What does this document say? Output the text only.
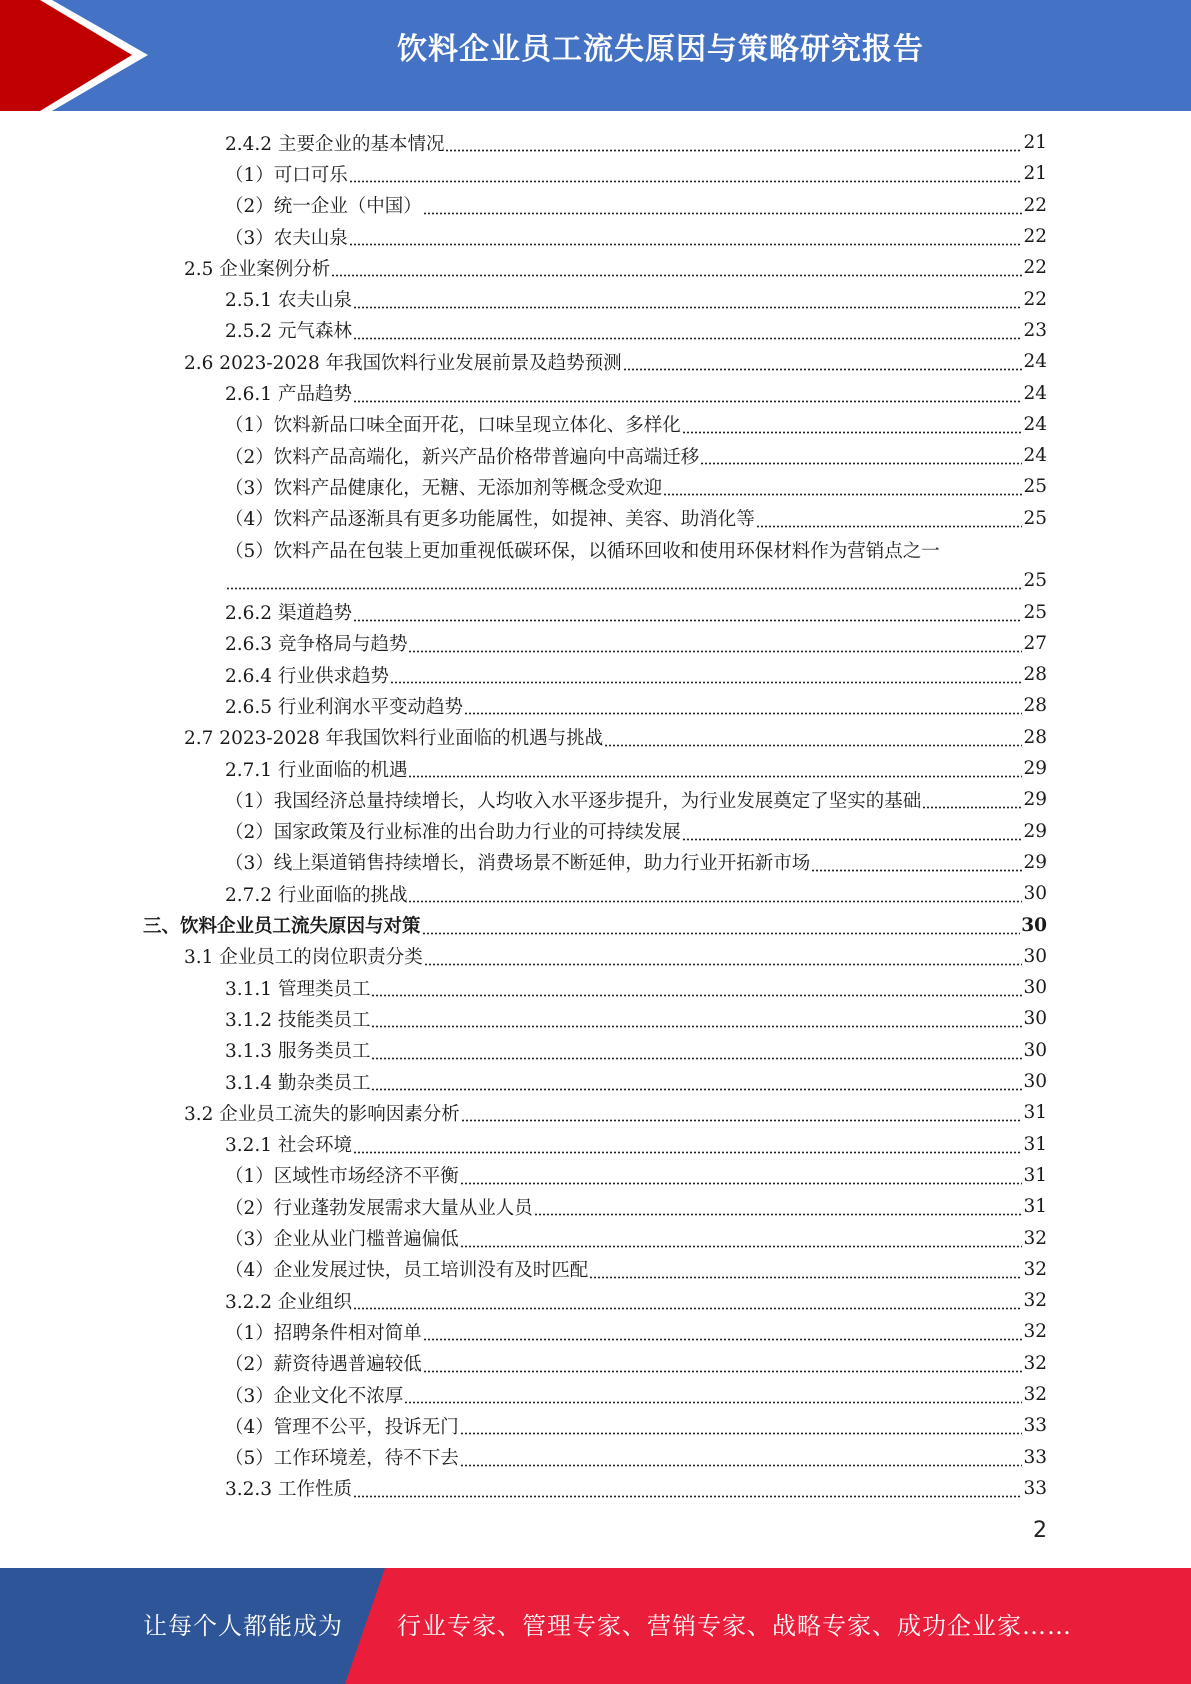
饮料企业员工流失原因与策略研究报告
2.4.2 主要企业的基本情况	21
（1）可口可乐	21
（2）统一企业（中国）	22
（3）农夫山泉	22
2.5 企业案例分析	22
2.5.1 农夫山泉	22
2.5.2 元气森林	23
2.6 2023-2028 年我国饮料行业发展前景及趋势预测	24
2.6.1 产品趋势	24
（1）饮料新品口味全面开花，口味呈现立体化、多样化	24
（2）饮料产品高端化，新兴产品价格带普遍向中高端迁移	24
（3）饮料产品健康化，无糖、无添加剂等概念受欢迎	25
（4）饮料产品逐渐具有更多功能属性，如提神、美容、助消化等	25
（5）饮料产品在包装上更加重视低碳环保，以循环回收和使用环保材料作为营销点之一
25
2.6.2 渠道趋势	25
2.6.3 竞争格局与趋势	27
2.6.4 行业供求趋势	28
2.6.5 行业利润水平变动趋势	28
2.7 2023-2028 年我国饮料行业面临的机遇与挑战	28
2.7.1 行业面临的机遇	29
（1）我国经济总量持续增长，人均收入水平逐步提升，为行业发展奠定了坚实的基础	29
（2）国家政策及行业标准的出台助力行业的可持续发展	29
（3）线上渠道销售持续增长，消费场景不断延伸，助力行业开拓新市场	29
2.7.2 行业面临的挑战	30
三、饮料企业员工流失原因与对策	30
3.1 企业员工的岗位职责分类	30
3.1.1 管理类员工	30
3.1.2 技能类员工	30
3.1.3 服务类员工	30
3.1.4 勤杂类员工	30
3.2 企业员工流失的影响因素分析	31
3.2.1 社会环境	31
（1）区域性市场经济不平衡	31
（2）行业蓬勃发展需求大量从业人员	31
（3）企业从业门槛普遍偏低	32
（4）企业发展过快，员工培训没有及时匹配	32
3.2.2 企业组织	32
（1）招聘条件相对简单	32
（2）薪资待遇普遍较低	32
（3）企业文化不浓厚	32
（4）管理不公平，投诉无门	33
（5）工作环境差，待不下去	33
3.2.3 工作性质	33
2
让每个人都能成为 行业专家、管理专家、营销专家、战略专家、成功企业家……
